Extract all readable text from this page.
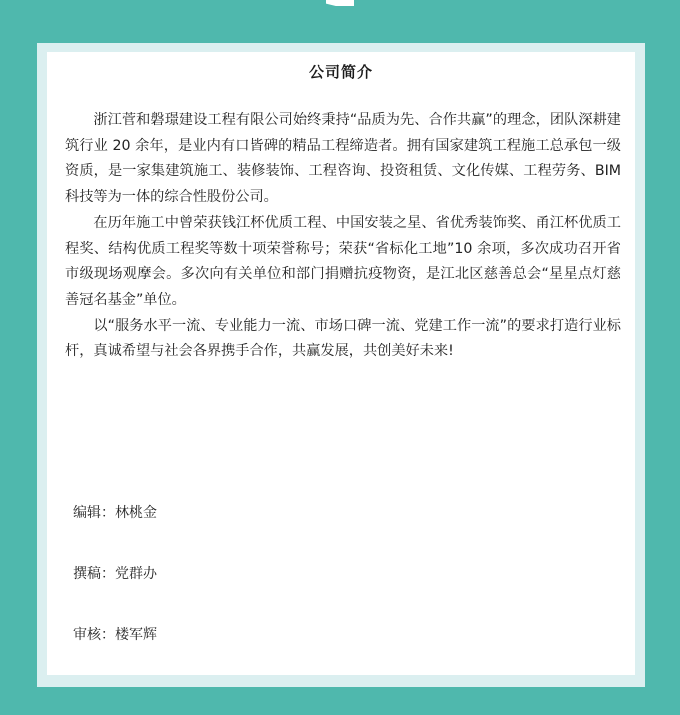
公司简介

浙江菅和磐璟建设工程有限公司始终秉持“品质为先、合作共赢”的理念，团队深耕建筑行业 20 余年，是业内有口皆碑的精品工程缔造者。拥有国家建筑工程施工总承包一级资质，是一家集建筑施工、装修装饰、工程咨询、投资租赁、文化传媒、工程劳务、BIM科技等为一体的综合性股份公司。

在历年施工中曾荣获钱江杯优质工程、中国安装之星、省优秀装饰奖、甬江杯优质工程奖、结构优质工程奖等数十项荣誉称号；荣获“省标化工地”10 余项，多次成功召开省市级现场观摩会。多次向有关单位和部门捐赠抗疫物资，是江北区慈善总会“星星点灯慈善冠名基金”单位。

以“服务水平一流、专业能力一流、市场口碑一流、党建工作一流”的要求打造行业标杆，真诚希望与社会各界携手合作，共赢发展，共创美好未来!

编辑：林桃金
撰稿：党群办
审核：楼军辉
